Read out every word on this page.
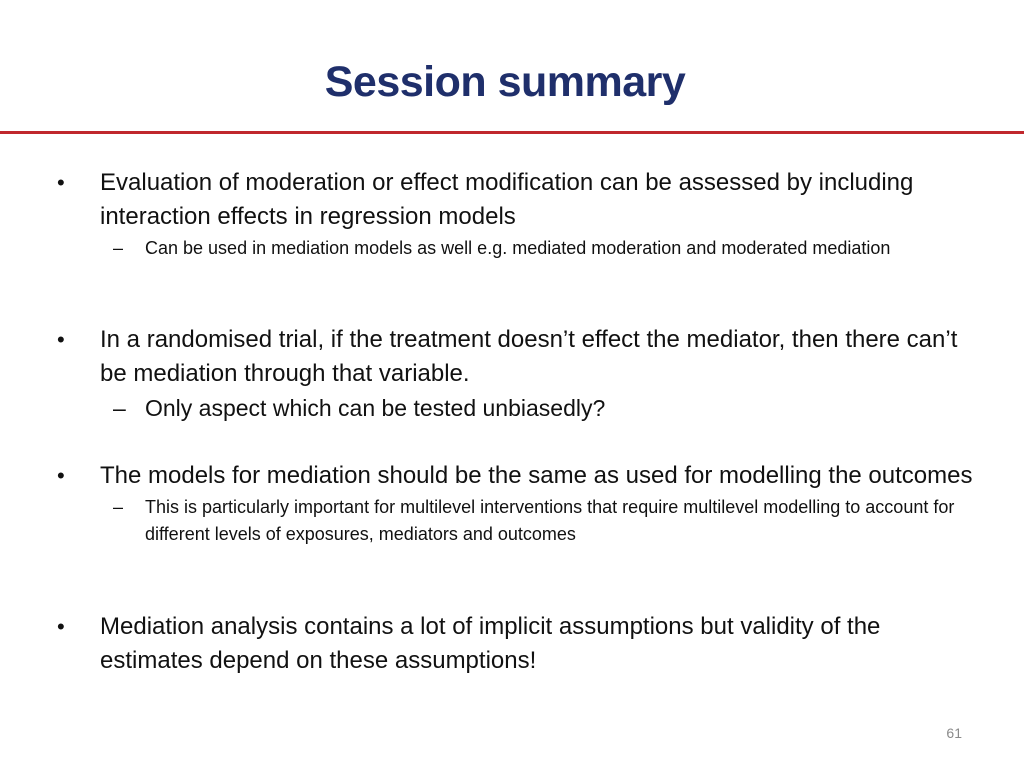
Session summary
• Evaluation of moderation or effect modification can be assessed by including interaction effects in regression models
– Can be used in mediation models as well e.g. mediated moderation and moderated mediation
• In a randomised trial, if the treatment doesn’t effect the mediator, then there can’t be mediation through that variable.
– Only aspect which can be tested unbiasedly?
• The models for mediation should be the same as used for modelling the outcomes
– This is particularly important for multilevel interventions that require multilevel modelling to account for different levels of exposures, mediators and outcomes
• Mediation analysis contains a lot of implicit assumptions but validity of the estimates depend on these assumptions!
61
